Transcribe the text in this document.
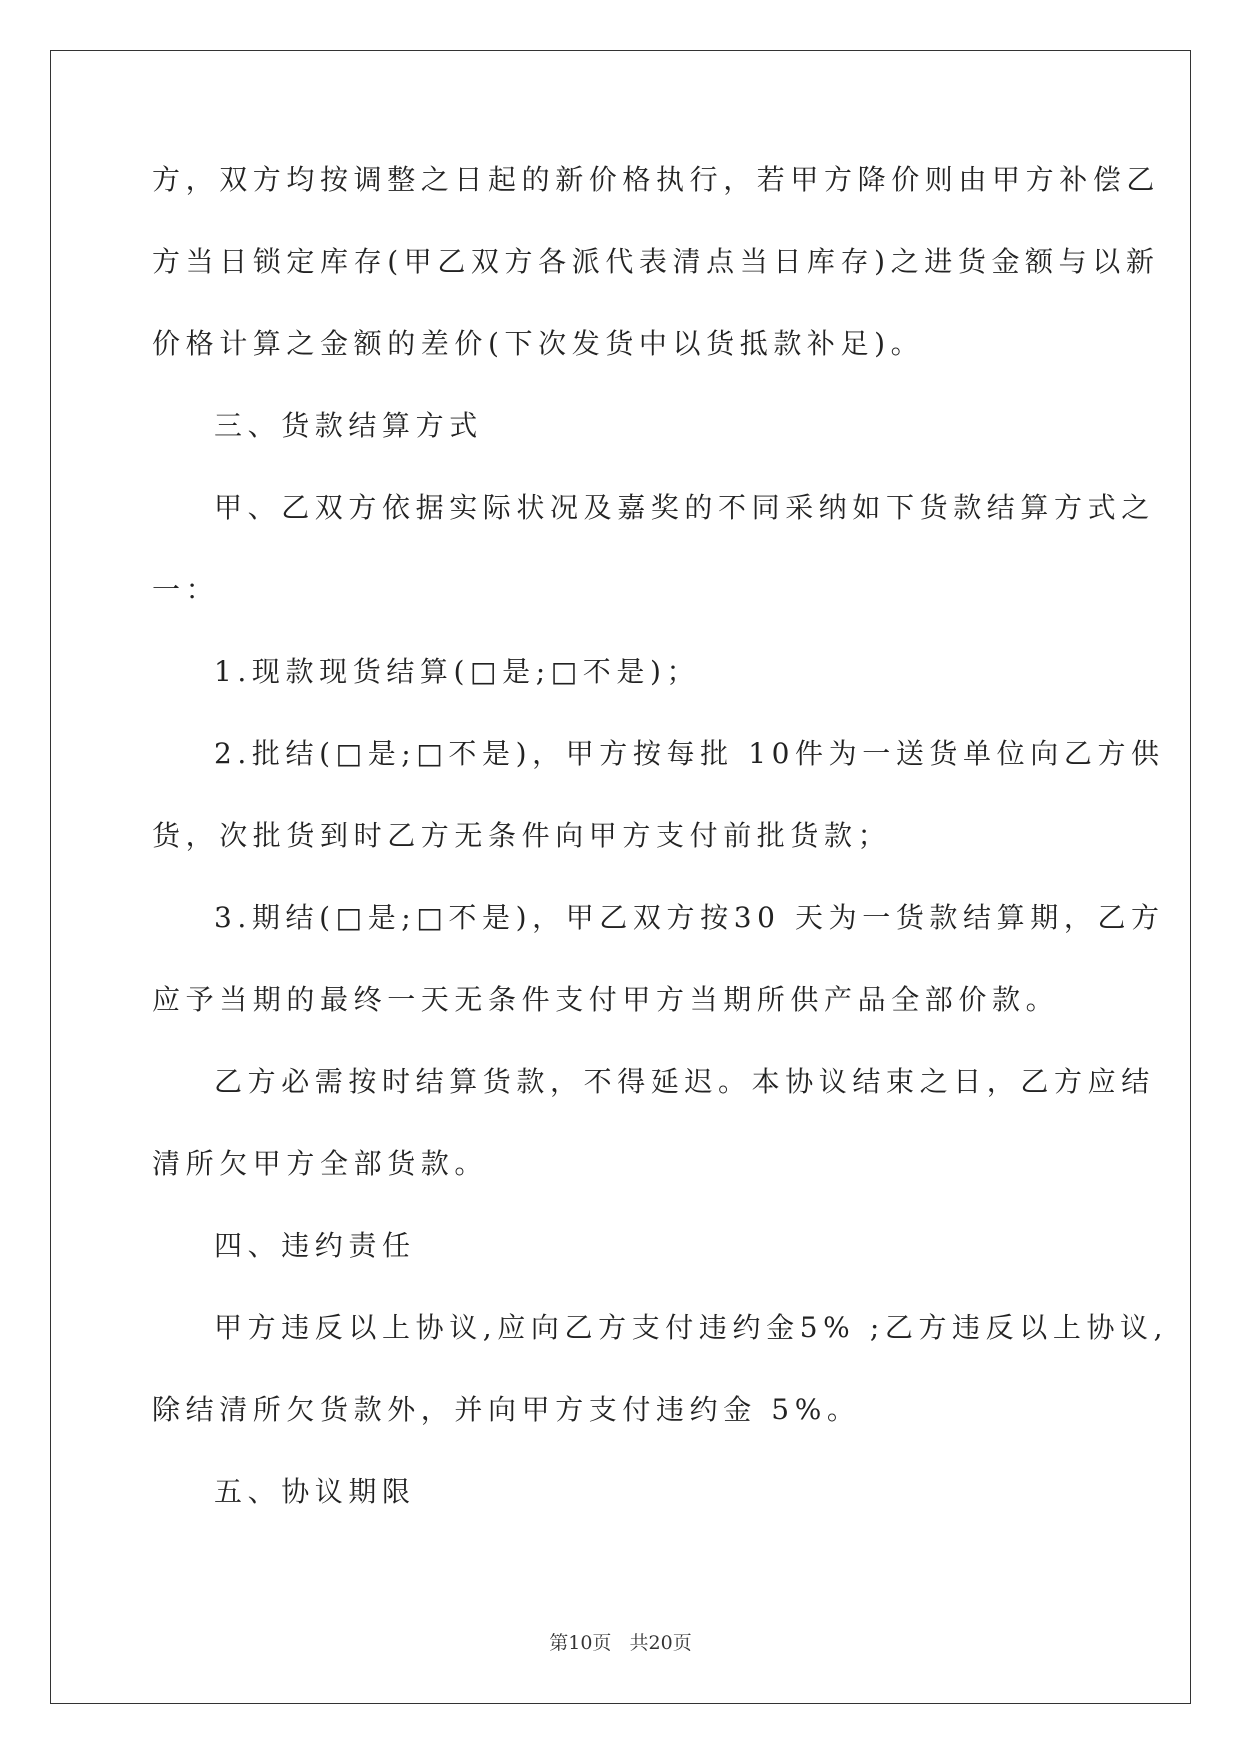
方，双方均按调整之日起的新价格执行，若甲方降价则由甲方补偿乙
方当日锁定库存(甲乙双方各派代表清点当日库存)之进货金额与以新
价格计算之金额的差价(下次发货中以货抵款补足)。
三、货款结算方式
甲、乙双方依据实际状况及嘉奖的不同采纳如下货款结算方式之
一：
1.现款现货结算(□是;□不是)；
2.批结(□是;□不是)，甲方按每批 10件为一送货单位向乙方供
货，次批货到时乙方无条件向甲方支付前批货款；
3.期结(□是;□不是)，甲乙双方按30 天为一货款结算期，乙方
应予当期的最终一天无条件支付甲方当期所供产品全部价款。
乙方必需按时结算货款，不得延迟。本协议结束之日，乙方应结
清所欠甲方全部货款。
四、违约责任
甲方违反以上协议,应向乙方支付违约金5% ;乙方违反以上协议,
除结清所欠货款外，并向甲方支付违约金 5%。
五、协议期限
第10页   共20页
